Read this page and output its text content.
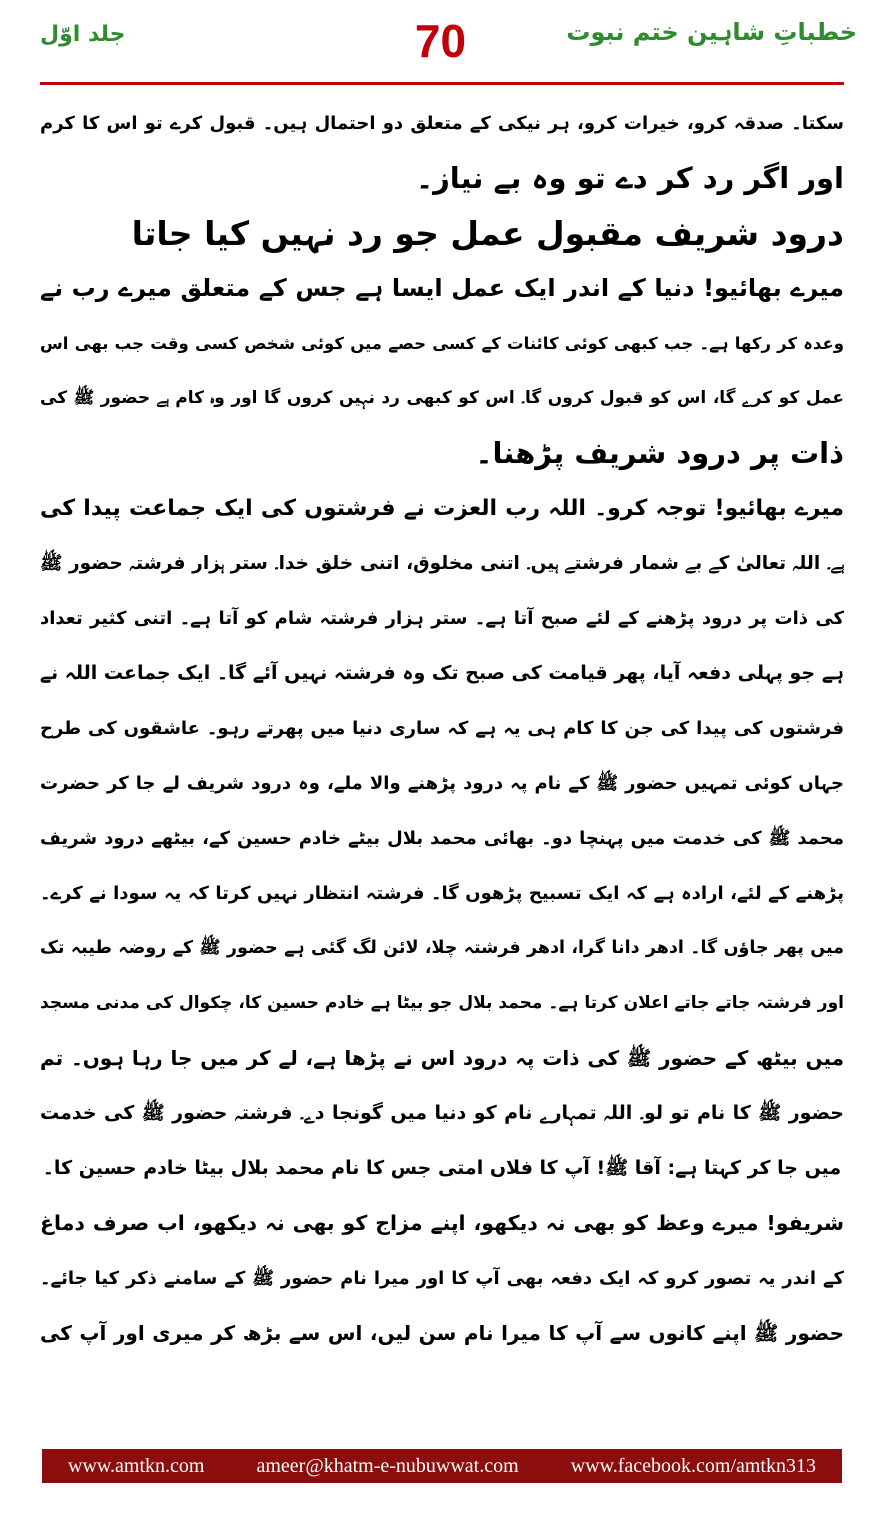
خطباتِ شاہین ختم نبوت
70
جلد اوّل
سکتا۔ صدقہ کرو، خیرات کرو، ہر نیکی کے متعلق دو احتمال ہیں۔ قبول کرے تو اس کا کرم
اور اگر رد کر دے تو وہ بے نیاز۔
درود شریف مقبول عمل جو رد نہیں کیا جاتا
میرے بھائیو! دنیا کے اندر ایک عمل ایسا ہے جس کے متعلق میرے رب نے
وعدہ کر رکھا ہے۔ جب کبھی کوئی کائنات کے کسی حصے میں کوئی شخص کسی وقت جب بھی اس
عمل کو کرے گا، اس کو قبول کروں گا۔ اس کو کبھی رد نہیں کروں گا اور وہ کام ہے حضور ﷺ کی
ذات پر درود شریف پڑھنا۔
میرے بھائیو! توجہ کرو۔ اللہ رب العزت نے فرشتوں کی ایک جماعت پیدا کی
ہے۔ اللہ تعالیٰ کے بے شمار فرشتے ہیں۔ اتنی مخلوق، اتنی خلق خدا۔ ستر ہزار فرشتہ حضور ﷺ
کی ذات پر درود پڑھنے کے لئے صبح آتا ہے۔ ستر ہزار فرشتہ شام کو آتا ہے۔ اتنی کثیر تعداد
ہے جو پہلی دفعہ آیا، پھر قیامت کی صبح تک وہ فرشتہ نہیں آئے گا۔ ایک جماعت اللہ نے
فرشتوں کی پیدا کی جن کا کام ہی یہ ہے کہ ساری دنیا میں پھرتے رہو۔ عاشقوں کی طرح
جہاں کوئی تمہیں حضور ﷺ کے نام پہ درود پڑھنے والا ملے، وہ درود شریف لے جا کر حضرت
محمد ﷺ کی خدمت میں پہنچا دو۔ بھائی محمد بلال بیٹے خادم حسین کے، بیٹھے درود شریف
پڑھنے کے لئے، ارادہ ہے کہ ایک تسبیح پڑھوں گا۔ فرشتہ انتظار نہیں کرتا کہ یہ سودا نے کرے۔
میں پھر جاؤں گا۔ ادھر دانا گرا، ادھر فرشتہ چلا، لائن لگ گئی ہے حضور ﷺ کے روضہ طیبہ تک
اور فرشتہ جاتے جاتے اعلان کرتا ہے۔ محمد بلال جو بیٹا ہے خادم حسین کا، چکوال کی مدنی مسجد
میں بیٹھ کے حضور ﷺ کی ذات پہ درود اس نے پڑھا ہے، لے کر میں جا رہا ہوں۔ تم
حضور ﷺ کا نام تو لو۔ اللہ تمہارے نام کو دنیا میں گونجا دے۔ فرشتہ حضور ﷺ کی خدمت
میں جا کر کہتا ہے: آقا ﷺ! آپ کا فلاں امتی جس کا نام محمد بلال بیٹا خادم حسین کا۔
شریفو! میرے وعظ کو بھی نہ دیکھو، اپنے مزاج کو بھی نہ دیکھو، اب صرف دماغ
کے اندر یہ تصور کرو کہ ایک دفعہ بھی آپ کا اور میرا نام حضور ﷺ کے سامنے ذکر کیا جائے۔
حضور ﷺ اپنے کانوں سے آپ کا میرا نام سن لیں، اس سے بڑھ کر میری اور آپ کی
www.amtkn.com	ameer@khatm-e-nubuwwat.com	www.facebook.com/amtkn313
